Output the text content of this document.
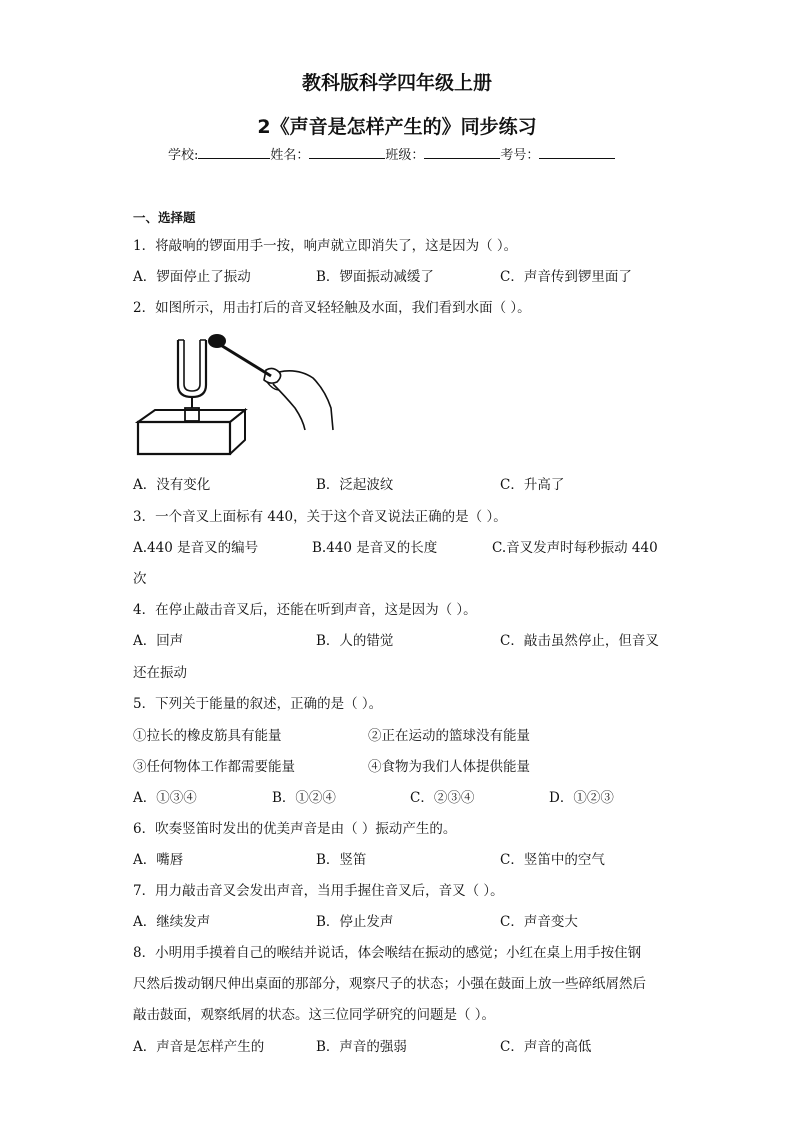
教科版科学四年级上册
2《声音是怎样产生的》同步练习
学校:	姓名：	班级：	考号：
一、选择题
1．将敲响的锣面用手一按，响声就立即消失了，这是因为（ ）。
A．锣面停止了振动	B．锣面振动减缓了	C．声音传到锣里面了
2．如图所示，用击打后的音叉轻轻触及水面，我们看到水面（ ）。
A．没有变化	B．泛起波纹	C．升高了
3．一个音叉上面标有 440，关于这个音叉说法正确的是（ ）。
A.440 是音叉的编号	B.440 是音叉的长度	C.音叉发声时每秒振动 440
次
4．在停止敲击音叉后，还能在听到声音，这是因为（ ）。
A．回声	B．人的错觉	C．敲击虽然停止，但音叉
还在振动
5．下列关于能量的叙述，正确的是（ ）。
①拉长的橡皮筋具有能量	②正在运动的篮球没有能量
③任何物体工作都需要能量	④食物为我们人体提供能量
A．①③④	B．①②④	C．②③④	D．①②③
6．吹奏竖笛时发出的优美声音是由（ ）振动产生的。
A．嘴唇	B．竖笛	C．竖笛中的空气
7．用力敲击音叉会发出声音，当用手握住音叉后，音叉（ ）。
A．继续发声	B．停止发声	C．声音变大
8．小明用手摸着自己的喉结并说话，体会喉结在振动的感觉；小红在桌上用手按住钢
尺然后拨动钢尺伸出桌面的那部分，观察尺子的状态；小强在鼓面上放一些碎纸屑然后
敲击鼓面，观察纸屑的状态。这三位同学研究的问题是（ ）。
A．声音是怎样产生的	B．声音的强弱	C．声音的高低
